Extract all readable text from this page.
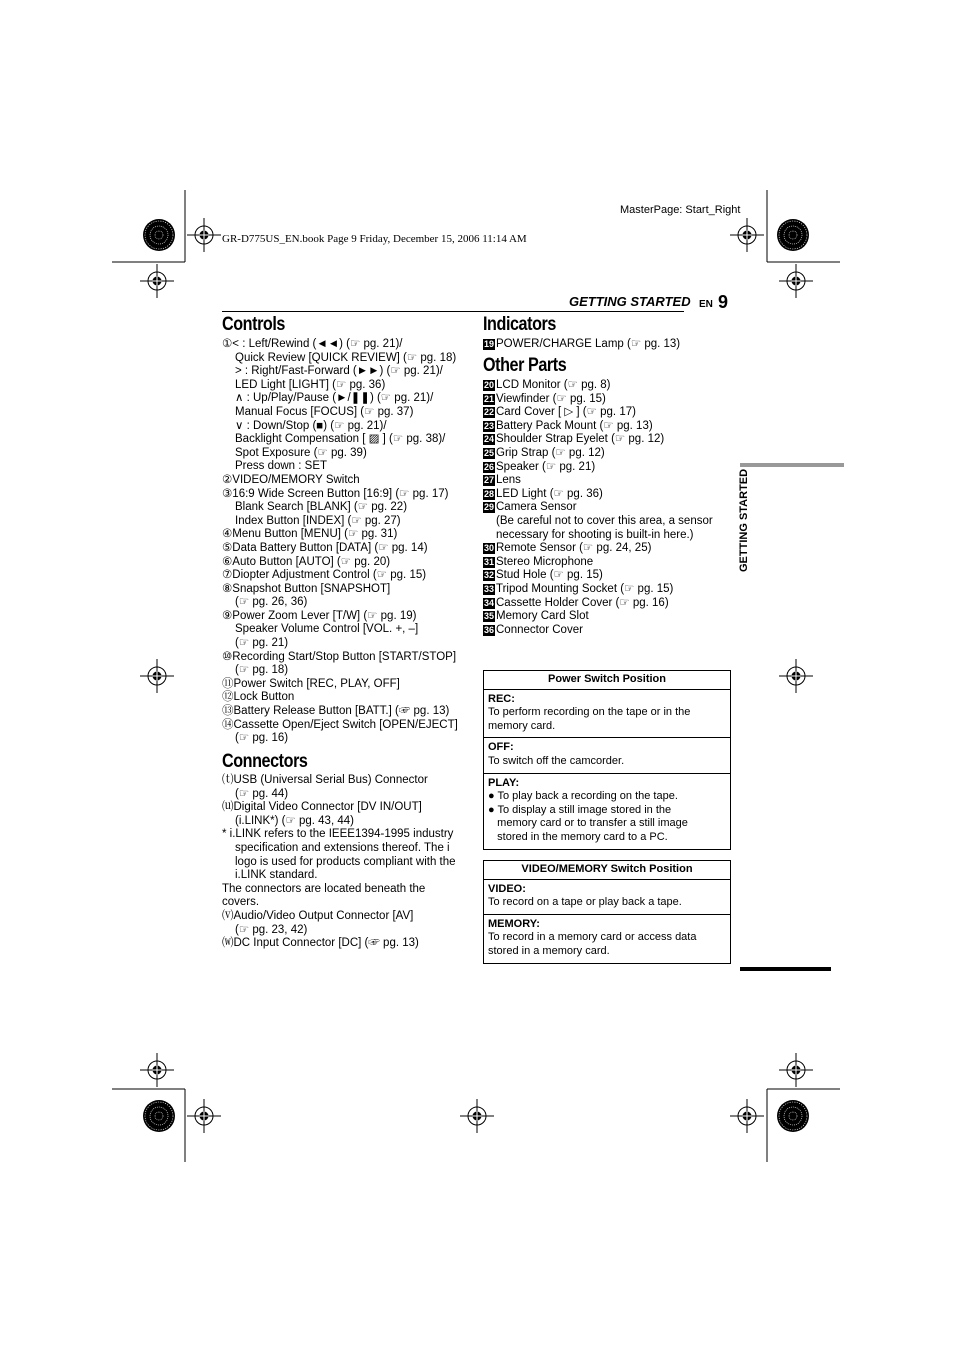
MasterPage: Start_Right
GR-D775US_EN.book Page 9 Friday, December 15, 2006 11:14 AM
GETTING STARTED EN 9
GETTING STARTED
Controls
①< : Left/Rewind (◄◄) (☞ pg. 21)/
Quick Review [QUICK REVIEW] (☞ pg. 18)
> : Right/Fast-Forward (►►) (☞ pg. 21)/
LED Light [LIGHT] (☞ pg. 36)
∧ : Up/Play/Pause (►/❚❚) (☞ pg. 21)/
Manual Focus [FOCUS] (☞ pg. 37)
∨ : Down/Stop (■) (☞ pg. 21)/
Backlight Compensation [ ▨ ] (☞ pg. 38)/
Spot Exposure (☞ pg. 39)
Press down : SET
②VIDEO/MEMORY Switch
③16:9 Wide Screen Button [16:9] (☞ pg. 17)
Blank Search [BLANK] (☞ pg. 22)
Index Button [INDEX] (☞ pg. 27)
④Menu Button [MENU] (☞ pg. 31)
⑤Data Battery Button [DATA] (☞ pg. 14)
⑥Auto Button [AUTO] (☞ pg. 20)
⑦Diopter Adjustment Control (☞ pg. 15)
⑧Snapshot Button [SNAPSHOT]
(☞ pg. 26, 36)
⑨Power Zoom Lever [T/W] (☞ pg. 19)
Speaker Volume Control [VOL. +, –]
(☞ pg. 21)
⑩Recording Start/Stop Button [START/STOP]
(☞ pg. 18)
⑪Power Switch [REC, PLAY, OFF]
⑫Lock Button
⑬Battery Release Button [BATT.] (☞ pg. 13)
⑭Cassette Open/Eject Switch [OPEN/EJECT]
(☞ pg. 16)
Connectors
⒯USB (Universal Serial Bus) Connector
(☞ pg. 44)
⒰Digital Video Connector [DV IN/OUT]
(i.LINK*) (☞ pg. 43, 44)
* i.LINK refers to the IEEE1394-1995 industry
specification and extensions thereof. The i
logo is used for products compliant with the
i.LINK standard.
The connectors are located beneath the
covers.
⒱Audio/Video Output Connector [AV]
(☞ pg. 23, 42)
⒲DC Input Connector [DC] (☞ pg. 13)
Indicators
19 POWER/CHARGE Lamp (☞ pg. 13)
Other Parts
20 LCD Monitor (☞ pg. 8)
21 Viewfinder (☞ pg. 15)
22 Card Cover [ ▷ ] (☞ pg. 17)
23 Battery Pack Mount (☞ pg. 13)
24 Shoulder Strap Eyelet (☞ pg. 12)
25 Grip Strap (☞ pg. 12)
26 Speaker (☞ pg. 21)
27 Lens
28 LED Light (☞ pg. 36)
29 Camera Sensor
(Be careful not to cover this area, a sensor
necessary for shooting is built-in here.)
30 Remote Sensor (☞ pg. 24, 25)
31 Stereo Microphone
32 Stud Hole (☞ pg. 15)
33 Tripod Mounting Socket (☞ pg. 15)
34 Cassette Holder Cover (☞ pg. 16)
35 Memory Card Slot
36 Connector Cover
Power Switch Position
REC:
To perform recording on the tape or in the
memory card.
OFF:
To switch off the camcorder.
PLAY:
● To play back a recording on the tape.
● To display a still image stored in the
memory card or to transfer a still image
stored in the memory card to a PC.
VIDEO/MEMORY Switch Position
VIDEO:
To record on a tape or play back a tape.
MEMORY:
To record in a memory card or access data
stored in a memory card.
